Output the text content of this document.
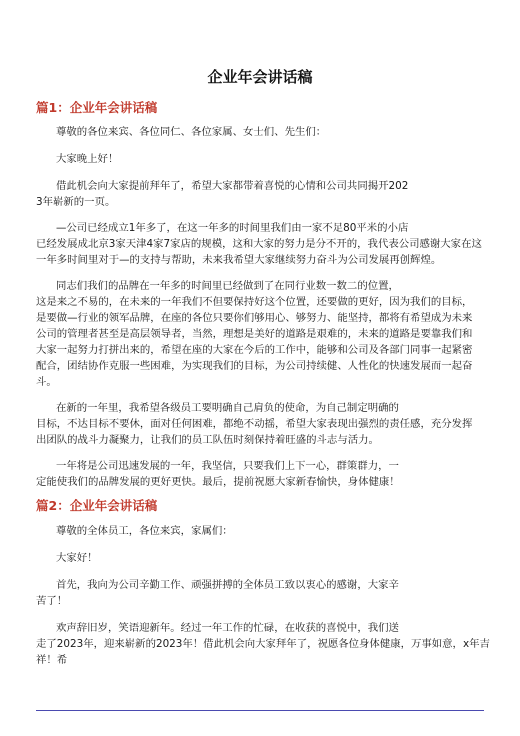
企业年会讲话稿
篇1：企业年会讲话稿
尊敬的各位来宾、各位同仁、各位家属、女士们、先生们：
大家晚上好！
借此机会向大家提前拜年了，希望大家都带着喜悦的心情和公司共同揭开202
3年崭新的一页。
—公司已经成立1年多了，在这一年多的时间里我们由一家不足80平米的小店
已经发展成北京3家天津4家7家店的规模，这和大家的努力是分不开的，我代表公司感谢大家在这
一年多时间里对于—的支持与帮助，未来我希望大家继续努力奋斗为公司发展再创辉煌。
同志们我们的品牌在一年多的时间里已经做到了在同行业数一数二的位置，
这是来之不易的，在未来的一年我们不但要保持好这个位置，还要做的更好，因为我们的目标，
是要做—行业的领军品牌，在座的各位只要你们够用心、够努力、能坚持，都将有希望成为未来
公司的管理者甚至是高层领导者，当然，理想是美好的道路是艰难的，未来的道路是要靠我们和
大家一起努力打拼出来的，希望在座的大家在今后的工作中，能够和公司及各部门同事一起紧密
配合，团结协作克服一些困难，为实现我们的目标，为公司持续健、人性化的快速发展而一起奋
斗。
在新的一年里，我希望各级员工要明确自己肩负的使命，为自己制定明确的
目标，不达目标不要休，面对任何困难，都绝不动摇，希望大家表现出强烈的责任感，充分发挥
出团队的战斗力凝聚力，让我们的员工队伍时刻保持着旺盛的斗志与活力。
一年将是公司迅速发展的一年，我坚信，只要我们上下一心，群策群力，一
定能使我们的品牌发展的更好更快。最后，提前祝愿大家新春愉快，身体健康！
篇2：企业年会讲话稿
尊敬的全体员工，各位来宾，家属们：
大家好！
首先，我向为公司辛勤工作、顽强拼搏的全体员工致以衷心的感谢，大家辛
苦了！
欢声辞旧岁，笑语迎新年。经过一年工作的忙碌，在收获的喜悦中，我们送
走了2023年，迎来崭新的2023年！借此机会向大家拜年了，祝愿各位身体健康，万事如意，x年吉
祥！希
